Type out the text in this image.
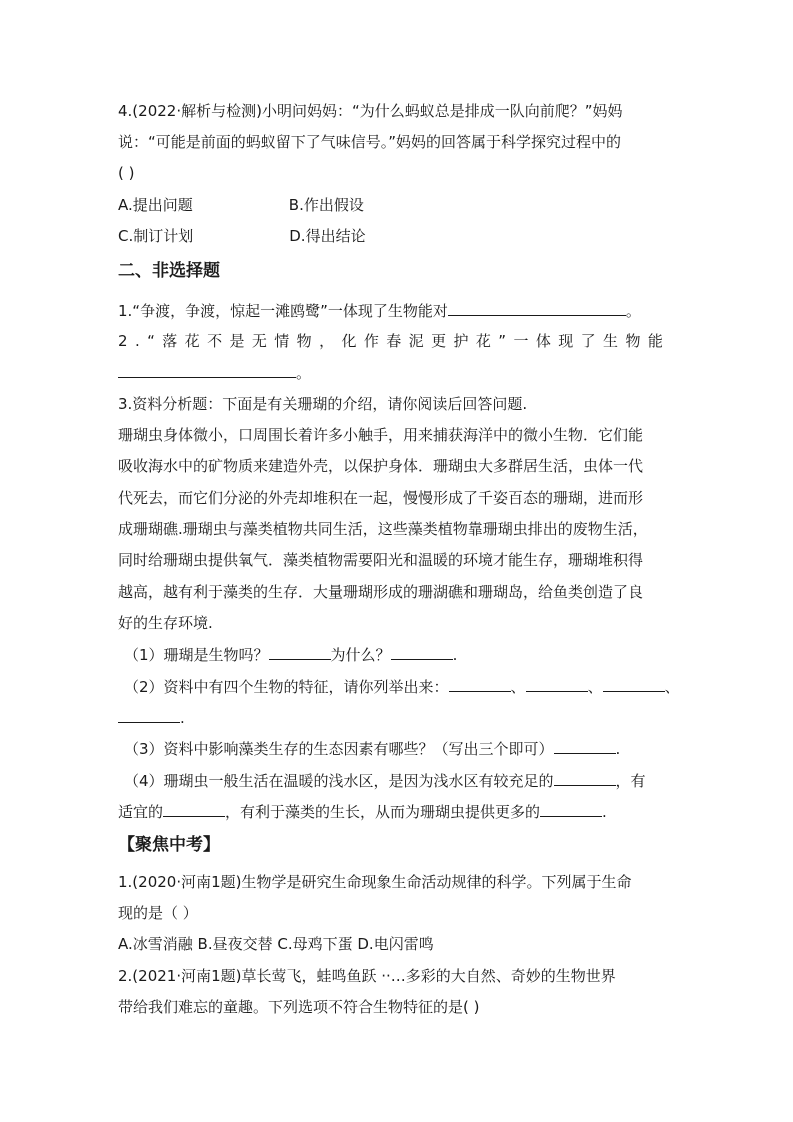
4.(2022·解析与检测)小明问妈妈：“为什么蚂蚁总是排成一队向前爬？”妈妈
说：“可能是前面的蚂蚁留下了气味信号。”妈妈的回答属于科学探究过程中的
( )
A.提出问题	B.作出假设
C.制订计划	D.得出结论
二、非选择题
1.“争渡，争渡，惊起一滩鸥鹭”一体现了生物能对	。
2.“落花不是无情物，化作春泥更护花”一体现了生物能
。
3.资料分析题：下面是有关珊瑚的介绍，请你阅读后回答问题.
珊瑚虫身体微小，口周围长着许多小触手，用来捕获海洋中的微小生物．它们能
吸收海水中的矿物质来建造外壳，以保护身体．珊瑚虫大多群居生活，虫体一代
代死去，而它们分泌的外壳却堆积在一起，慢慢形成了千姿百态的珊瑚，进而形
成珊瑚礁.珊瑚虫与藻类植物共同生活，这些藻类植物靠珊瑚虫排出的废物生活，
同时给珊瑚虫提供氧气．藻类植物需要阳光和温暖的环境才能生存，珊瑚堆积得
越高，越有利于藻类的生存．大量珊瑚形成的珊湖礁和珊瑚岛，给鱼类创造了良
好的生存环境.
（1）珊瑚是生物吗？	为什么？	.
（2）资料中有四个生物的特征，请你列举出来：	、	、	、
.
（3）资料中影响藻类生存的生态因素有哪些？（写出三个即可）	.
（4）珊瑚虫一般生活在温暖的浅水区，是因为浅水区有较充足的	，有
适宜的	，有利于藻类的生长，从而为珊瑚虫提供更多的	.
【聚焦中考】
1.(2020·河南1题)生物学是研究生命现象生命活动规律的科学。下列属于生命
现的是（ ）
A.冰雪消融 B.昼夜交替 C.母鸡下蛋 D.电闪雷鸣
2.(2021·河南1题)草长莺飞，蛙鸣鱼跃 ··…多彩的大自然、奇妙的生物世界
带给我们难忘的童趣。下列选项不符合生物特征的是( )
